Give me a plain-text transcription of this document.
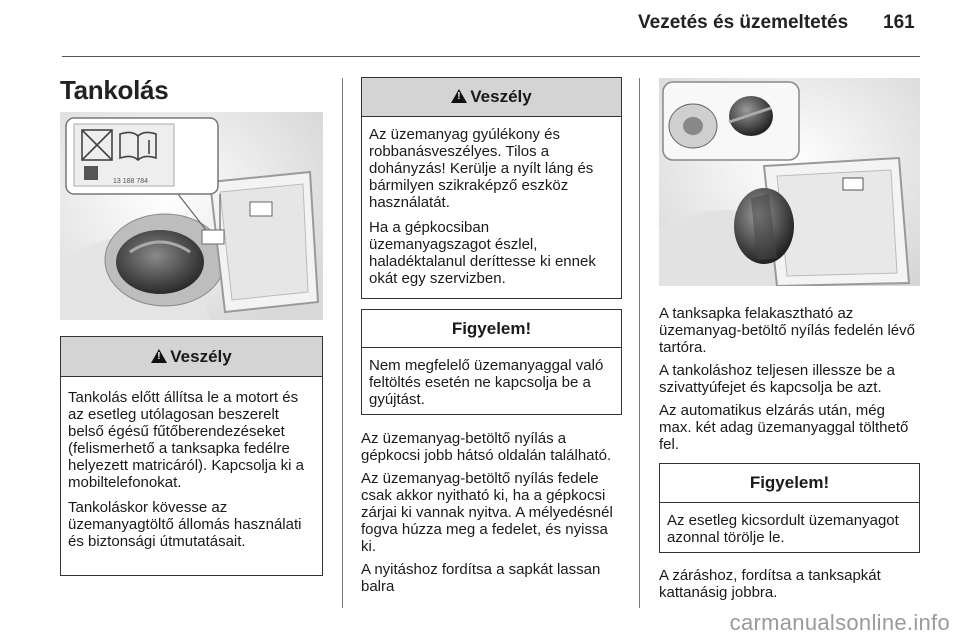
Vezetés és üzemeltetés 161
Tankolás
13 188 784
!
Veszély

Tankolás előtt állítsa le a motort és az esetleg utólagosan beszerelt belső égésű fűtőberendezéseket (felismerhető a tanksapka fedélre helyezett matricáról). Kapcsolja ki a mobiltelefonokat.

Tankoláskor kövesse az üzemanyagtöltő állomás használati és biztonsági útmutatásait.

!
Veszély

Az üzemanyag gyúlékony és robbanásveszélyes. Tilos a dohányzás! Kerülje a nyílt láng és bármilyen szikraképző eszköz használatát.

Ha a gépkocsiban üzemanyagszagot észlel, haladéktalanul deríttesse ki ennek okát egy szervizben.

Figyelem!

Nem megfelelő üzemanyaggal való feltöltés esetén ne kapcsolja be a gyújtást.

Az üzemanyag-betöltő nyílás a gépkocsi jobb hátsó oldalán található.

Az üzemanyag-betöltő nyílás fedele csak akkor nyitható ki, ha a gépkocsi zárjai ki vannak nyitva. A mélyedésnél fogva húzza meg a fedelet, és nyissa ki.

A nyitáshoz fordítsa a sapkát lassan balra

A tanksapka felakasztható az üzemanyag-betöltő nyílás fedelén lévő tartóra.

A tankoláshoz teljesen illessze be a szivattyúfejet és kapcsolja be azt.

Az automatikus elzárás után, még max. két adag üzemanyaggal tölthető fel.

Figyelem!

Az esetleg kicsordult üzemanyagot azonnal törölje le.

A záráshoz, fordítsa a tanksapkát kattanásig jobbra.

carmanualsonline.info
